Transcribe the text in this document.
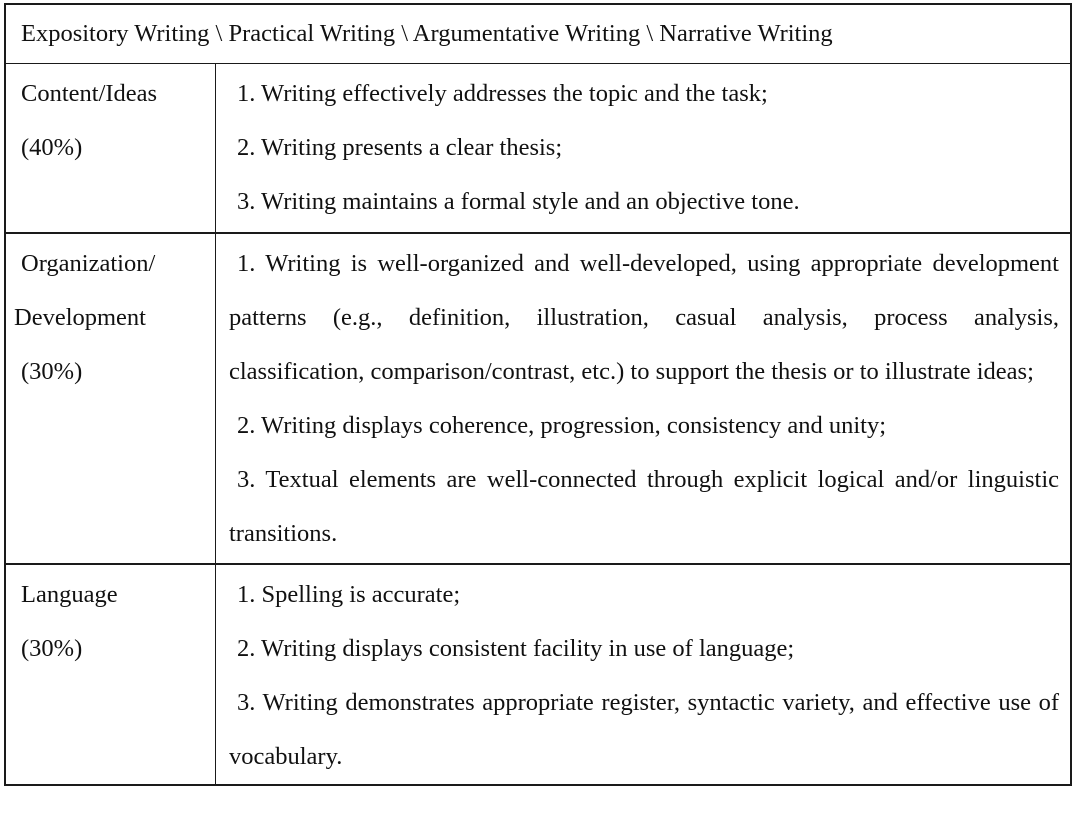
Expository Writing \ Practical Writing \ Argumentative Writing \ Narrative Writing
Content/Ideas
(40%)
1. Writing effectively addresses the topic and the task;
2. Writing presents a clear thesis;
3. Writing maintains a formal style and an objective tone.
Organization/
Development
(30%)
1. Writing is well-organized and well-developed, using appropriate development patterns (e.g., definition, illustration, casual analysis, process analysis, classification, comparison/contrast, etc.) to support the thesis or to illustrate ideas;
2. Writing displays coherence, progression, consistency and unity;
3. Textual elements are well-connected through explicit logical and/or linguistic transitions.
Language
(30%)
1. Spelling is accurate;
2. Writing displays consistent facility in use of language;
3. Writing demonstrates appropriate register, syntactic variety, and effective use of vocabulary.
